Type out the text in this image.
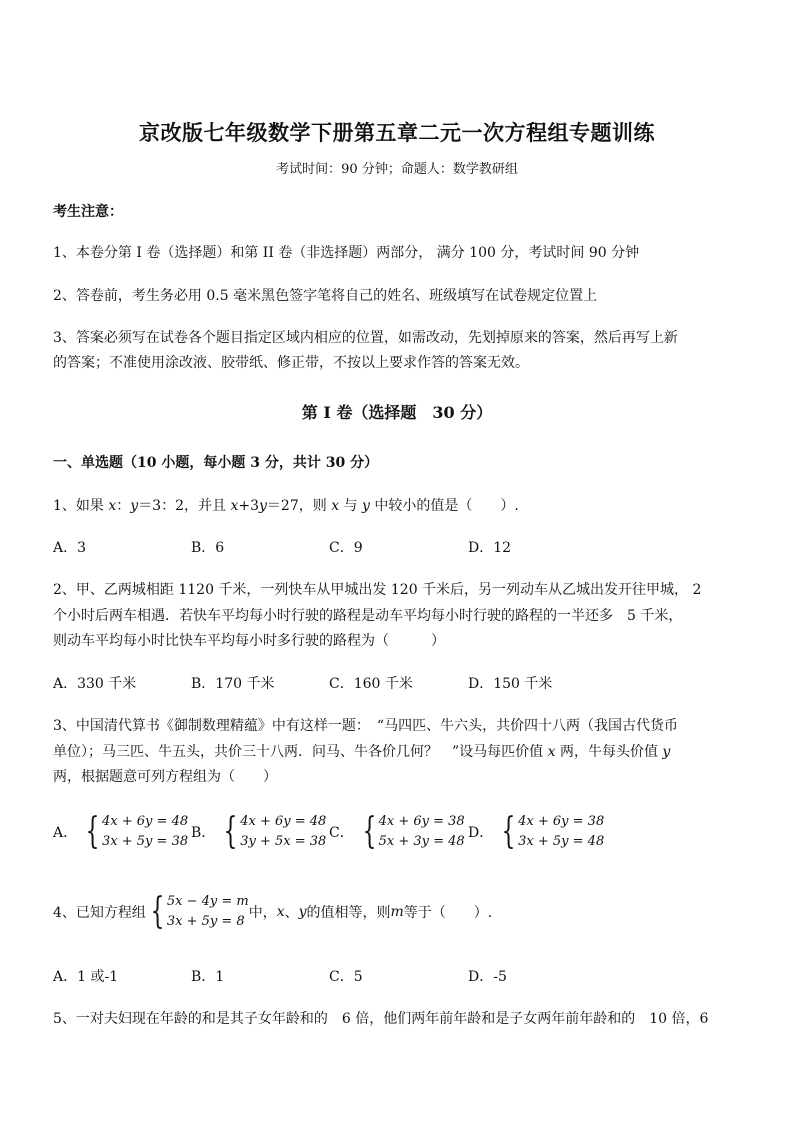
京改版七年级数学下册第五章二元一次方程组专题训练
考试时间：90 分钟；命题人：数学教研组
考生注意：
1、本卷分第 I 卷（选择题）和第 II 卷（非选择题）两部分， 满分 100 分，考试时间 90 分钟
2、答卷前，考生务必用 0.5 毫米黑色签字笔将自己的姓名、班级填写在试卷规定位置上
3、答案必须写在试卷各个题目指定区域内相应的位置，如需改动，先划掉原来的答案，然后再写上新
的答案；不准使用涂改液、胶带纸、修正带，不按以上要求作答的答案无效。
第 I 卷（选择题　30 分）
一、单选题（10 小题，每小题 3 分，共计 30 分）
1、如果 x：y＝3：2，并且 x+3y＝27，则 x 与 y 中较小的值是（　　）.
A．3	B．6	C．9	D．12
2、甲、乙两城相距 1120 千米，一列快车从甲城出发 120 千米后，另一列动车从乙城出发开往甲城， 2
个小时后两车相遇．若快车平均每小时行驶的路程是动车平均每小时行驶的路程的一半还多　5 千米，
则动车平均每小时比快车平均每小时多行驶的路程为（　　　）
A．330 千米	B．170 千米	C．160 千米	D．150 千米
3、中国清代算书《御制数理精蕴》中有这样一题：　“马四匹、牛六头，共价四十八两（我国古代货币
单位）；马三匹、牛五头，共价三十八两．问马、牛各价几何？　”设马每匹价值 x 两，牛每头价值 y
两，根据题意可列方程组为（　　）
A． { 4x + 6y = 48
3x + 5y = 38
B． { 4x + 6y = 48
3y + 5x = 38
C． { 4x + 6y = 38
5x + 3y = 48
D． { 4x + 6y = 38
3x + 5y = 48
4、已知方程组 { 5x − 4y = m
3x + 5y = 8
中， x 、 y 的值相等，则 m 等于（　　）.
A．1 或-1	B．1	C．5	D．-5
5、一对夫妇现在年龄的和是其子女年龄和的　6 倍，他们两年前年龄和是子女两年前年龄和的　10 倍，6
